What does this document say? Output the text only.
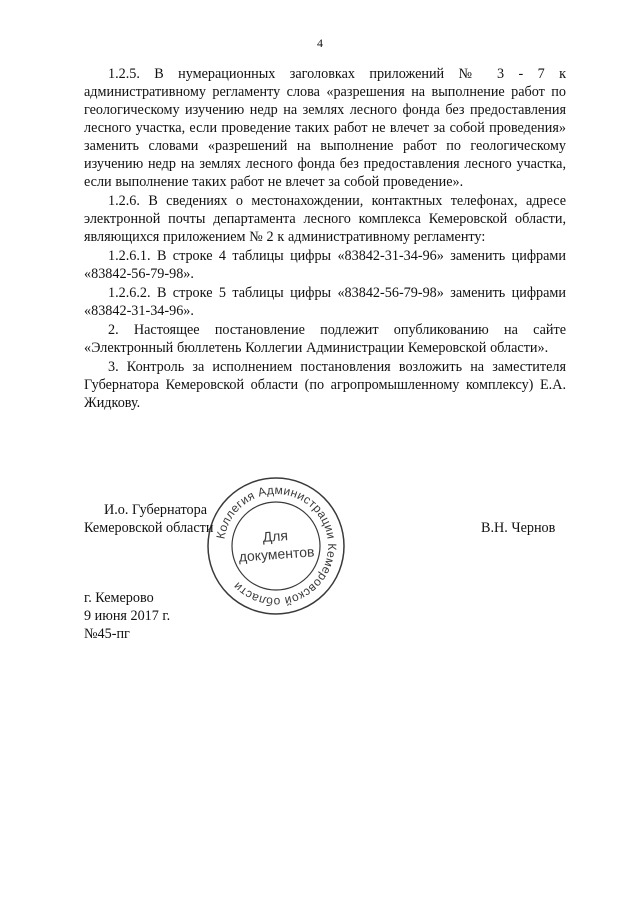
4

1.2.5. В нумерационных заголовках приложений № 3 - 7 к административному регламенту слова «разрешения на выполнение работ по геологическому изучению недр на землях лесного фонда без предоставления лесного участка, если проведение таких работ не влечет за собой проведения» заменить словами «разрешений на выполнение работ по геологическому изучению недр на землях лесного фонда без предоставления лесного участка, если выполнение таких работ не влечет за собой проведение».

1.2.6. В сведениях о местонахождении, контактных телефонах, адресе электронной почты департамента лесного комплекса Кемеровской области, являющихся приложением № 2 к административному регламенту:

1.2.6.1. В строке 4 таблицы цифры «83842-31-34-96» заменить цифрами «83842-56-79-98».

1.2.6.2. В строке 5 таблицы цифры «83842-56-79-98» заменить цифрами «83842-31-34-96».

2. Настоящее постановление подлежит опубликованию на сайте «Электронный бюллетень Коллегии Администрации Кемеровской области».

3. Контроль за исполнением постановления возложить на заместителя Губернатора Кемеровской области (по агропромышленному комплексу) Е.А. Жидкову.

Коллегия Администрации Кемеровской области
Для
документов
И.о. Губернатора
Кемеровской области	В.Н. Чернов
г. Кемерово
9 июня 2017 г.
№45-пг
